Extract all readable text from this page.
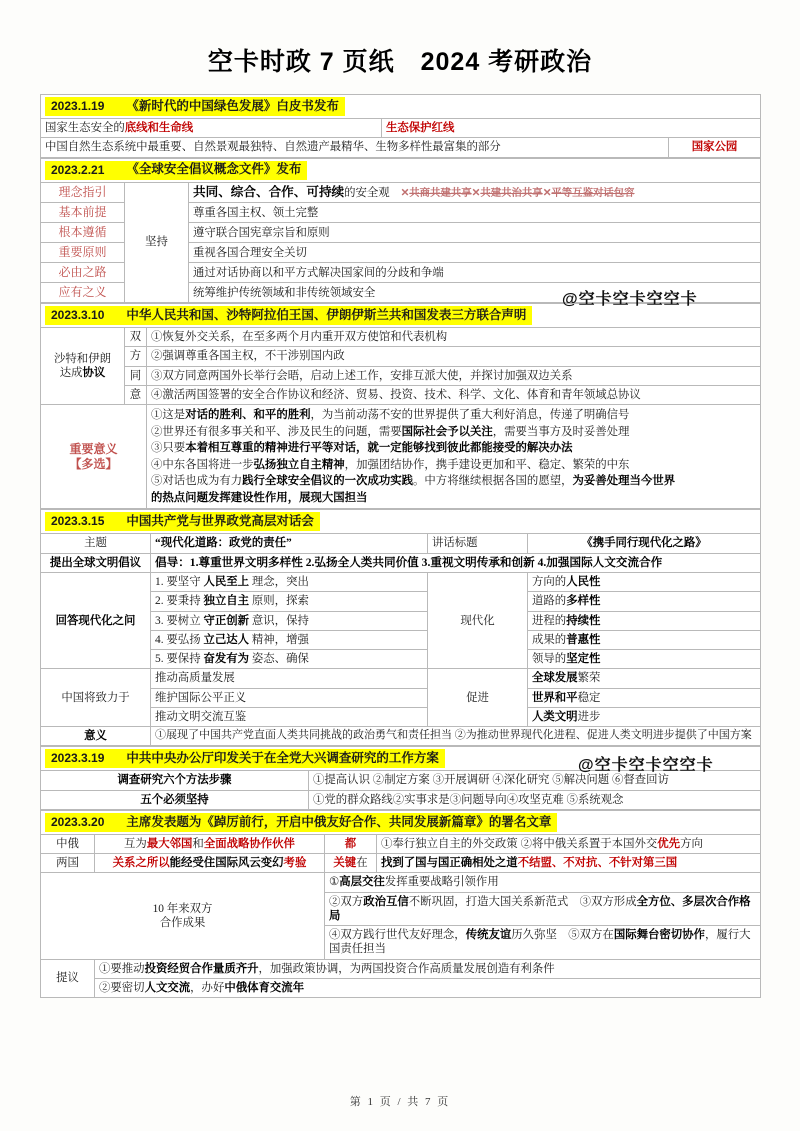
空卡时政 7 页纸　2024 考研政治
2023.1.19 《新时代的中国绿色发展》白皮书发布		

国家生态安全的底线和生命线	生态保护红线	
中国自然生态系统中最重要、自然景观最独特、自然遗产最精华、生物多样性最富集的部分		国家公园
2023.2.21 《全球安全倡议概念文件》发布		

理念指引	坚持	共同、综合、合作、可持续的安全观 ✕共商共建共享✕共建共治共享✕平等互鉴对话包容
基本前提		尊重各国主权、领土完整
根本遵循		遵守联合国宪章宗旨和原则
重要原则		重视各国合理安全关切
必由之路		通过对话协商以和平方式解决国家间的分歧和争端
应有之义		统筹维护传统领域和非传统领域安全
2023.3.10 中华人民共和国、沙特阿拉伯王国、伊朗伊斯兰共和国发表三方联合声明		

沙特和伊朗
达成协议	双	①恢复外交关系，在至多两个月内重开双方使馆和代表机构
	方	②强调尊重各国主权，不干涉别国内政
	同	③双方同意两国外长举行会晤，启动上述工作，安排互派大使，并探讨加强双边关系
	意	④激活两国签署的安全合作协议和经济、贸易、投资、技术、科学、文化、体育和青年领域总协议

重要意义
【多选】

①这是对话的胜利、和平的胜利，为当前动荡不安的世界提供了重大利好消息，传递了明确信号
②世界还有很多事关和平、涉及民生的问题，需要国际社会予以关注，需要当事方及时妥善处理
③只要本着相互尊重的精神进行平等对话，就一定能够找到彼此都能接受的解决办法
④中东各国将进一步弘扬独立自主精神，加强团结协作，携手建设更加和平、稳定、繁荣的中东
⑤对话也成为有力践行全球安全倡议的一次成功实践。中方将继续根据各国的愿望，为妥善处理当今世界
的热点问题发挥建设性作用，展现大国担当
2023.3.15 中国共产党与世界政党高层对话会			

主题	“现代化道路：政党的责任”	讲话标题	《携手同行现代化之路》
提出全球文明倡议	倡导：1.尊重世界文明多样性 2.弘扬全人类共同价值 3.重视文明传承和创新 4.加强国际人文交流合作		
回答现代化之问	1. 要坚守 人民至上 理念，突出	现代化	方向的人民性
	2. 要秉持 独立自主 原则，探索		道路的多样性
	3. 要树立 守正创新 意识，保持		进程的持续性
	4. 要弘扬 立己达人 精神，增强		成果的普惠性
	5. 要保持 奋发有为 姿态、确保		领导的坚定性
中国将致力于	推动高质量发展	促进	全球发展繁荣
	维护国际公平正义		世界和平稳定
	推动文明交流互鉴		人类文明进步
意义	①展现了中国共产党直面人类共同挑战的政治勇气和责任担当 ②为推动世界现代化进程、促进人类文明进步提供了中国方案		
2023.3.19 中共中央办公厅印发关于在全党大兴调查研究的工作方案	

调查研究六个方法步骤	①提高认识 ②制定方案 ③开展调研 ④深化研究 ⑤解决问题 ⑥督查回访
五个必须坚持	①党的群众路线②实事求是③问题导向④攻坚克难 ⑤系统观念
2023.3.20 主席发表题为《踔厉前行，开启中俄友好合作、共同发展新篇章》的署名文章			

中俄	互为最大邻国和全面战略协作伙伴	都	①奉行独立自主的外交政策 ②将中俄关系置于本国外交优先方向
两国	关系之所以能经受住国际风云变幻考验	关键在	找到了国与国正确相处之道不结盟、不对抗、不针对第三国

10 年来双方
合作成果		①高层交往发挥重要战略引领作用	
		②双方政治互信不断巩固，打造大国关系新范式　③双方形成全方位、多层次合作格局	
		④双方践行世代友好理念，传统友谊历久弥坚　⑤双方在国际舞台密切协作，履行大国责任担当	
提议	①要推动投资经贸合作量质齐升，加强政策协调，为两国投资合作高质量发展创造有利条件		
	②要密切人文交流，办好中俄体育交流年		
@空卡空卡空空卡
@空卡空卡空空卡
第 1 页 / 共 7 页
